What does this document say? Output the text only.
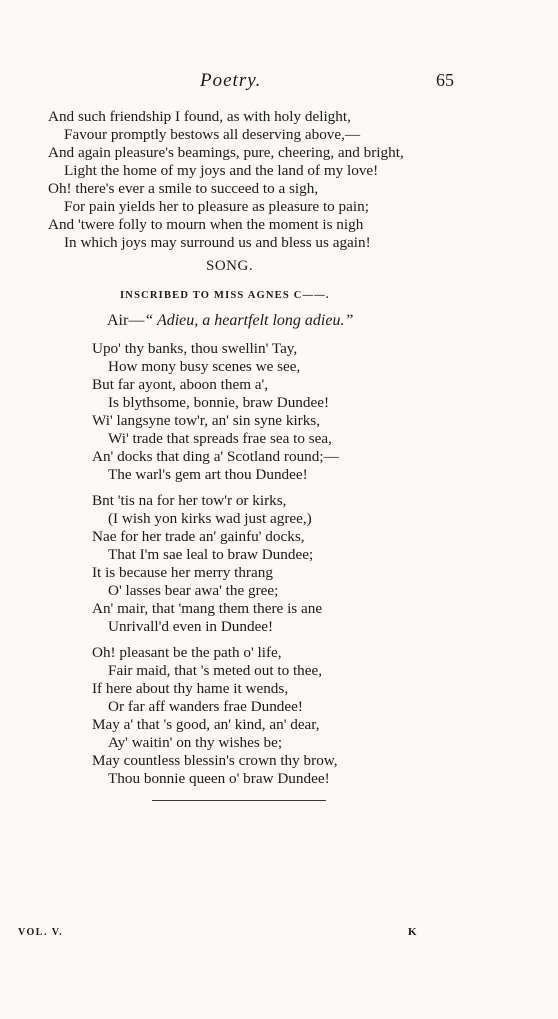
Poetry.	65
And such friendship I found, as with holy delight,
Favour promptly bestows all deserving above,—
And again pleasure's beamings, pure, cheering, and bright,
Light the home of my joys and the land of my love!
Oh! there's ever a smile to succeed to a sigh,
For pain yields her to pleasure as pleasure to pain;
And 'twere folly to mourn when the moment is nigh
In which joys may surround us and bless us again!
SONG.
INSCRIBED TO MISS AGNES C——.
Air—“ Adieu, a heartfelt long adieu.”
Upo' thy banks, thou swellin' Tay,
How mony busy scenes we see,
But far ayont, aboon them a',
Is blythsome, bonnie, braw Dundee!
Wi' langsyne tow'r, an' sin syne kirks,
Wi' trade that spreads frae sea to sea,
An' docks that ding a' Scotland round;—
The warl's gem art thou Dundee!
Bnt 'tis na for her tow'r or kirks,
(I wish yon kirks wad just agree,)
Nae for her trade an' gainfu' docks,
That I'm sae leal to braw Dundee;
It is because her merry thrang
O' lasses bear awa' the gree;
An' mair, that 'mang them there is ane
Unrivall'd even in Dundee!
Oh! pleasant be the path o' life,
Fair maid, that 's meted out to thee,
If here about thy hame it wends,
Or far aff wanders frae Dundee!
May a' that 's good, an' kind, an' dear,
Ay' waitin' on thy wishes be;
May countless blessin's crown thy brow,
Thou bonnie queen o' braw Dundee!
VOL. V.	K
